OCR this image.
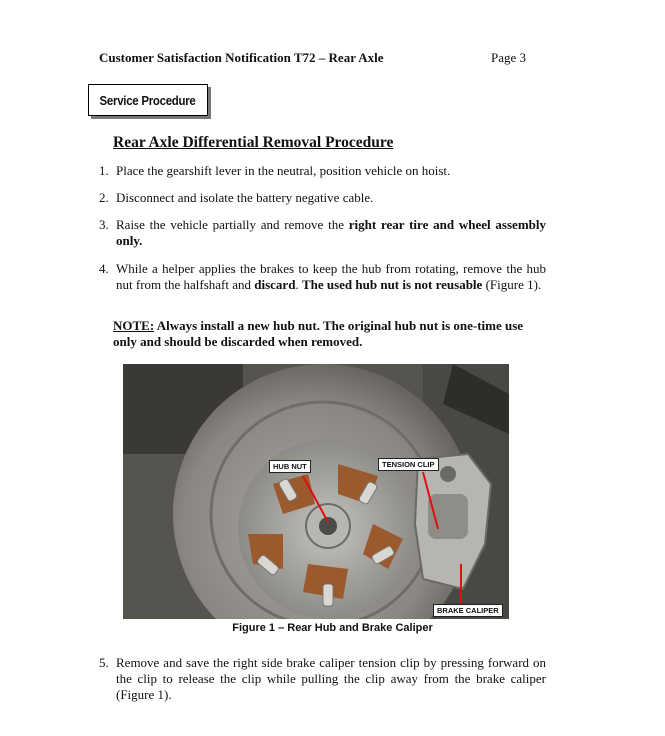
Customer Satisfaction Notification T72 – Rear Axle	Page 3
Service Procedure
Rear Axle Differential Removal Procedure
1. Place the gearshift lever in the neutral, position vehicle on hoist.
2. Disconnect and isolate the battery negative cable.
3. Raise the vehicle partially and remove the right rear tire and wheel assembly only.
4. While a helper applies the brakes to keep the hub from rotating, remove the hub nut from the halfshaft and discard. The used hub nut is not reusable (Figure 1).
NOTE: Always install a new hub nut. The original hub nut is one-time use only and should be discarded when removed.
HUB NUT	TENSION CLIP
BRAKE CALIPER
Figure 1 – Rear Hub and Brake Caliper
5. Remove and save the right side brake caliper tension clip by pressing forward on the clip to release the clip while pulling the clip away from the brake caliper (Figure 1).
